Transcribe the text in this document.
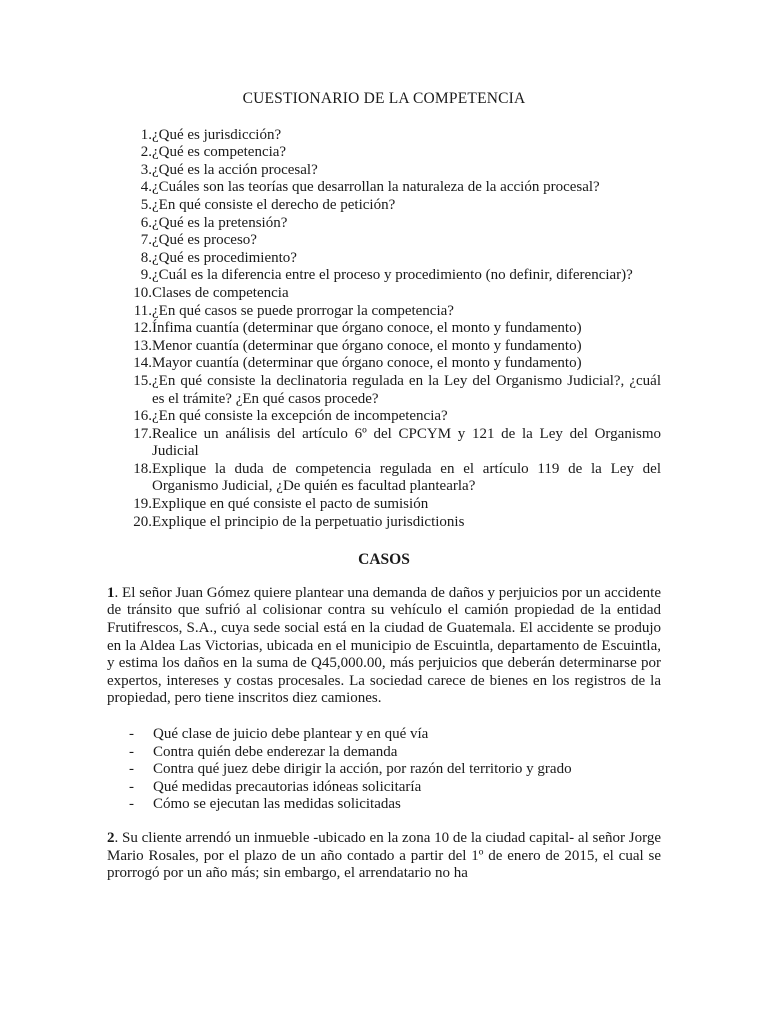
CUESTIONARIO DE LA COMPETENCIA
1. ¿Qué es jurisdicción?
2. ¿Qué es competencia?
3. ¿Qué es la acción procesal?
4. ¿Cuáles son las teorías que desarrollan la naturaleza de la acción procesal?
5. ¿En qué consiste el derecho de petición?
6. ¿Qué es la pretensión?
7. ¿Qué es proceso?
8. ¿Qué es procedimiento?
9. ¿Cuál es la diferencia entre el proceso y procedimiento (no definir, diferenciar)?
10. Clases de competencia
11. ¿En qué casos se puede prorrogar la competencia?
12. Ínfima cuantía (determinar que órgano conoce, el monto y fundamento)
13. Menor cuantía (determinar que órgano conoce, el monto y fundamento)
14. Mayor cuantía (determinar que órgano conoce, el monto y fundamento)
15. ¿En qué consiste la declinatoria regulada en la Ley del Organismo Judicial?, ¿cuál es el trámite? ¿En qué casos procede?
16. ¿En qué consiste la excepción de incompetencia?
17. Realice un análisis del artículo 6º del CPCYM y 121 de la Ley del Organismo Judicial
18. Explique la duda de competencia regulada en el artículo 119 de la Ley del Organismo Judicial, ¿De quién es facultad plantearla?
19. Explique en qué consiste el pacto de sumisión
20. Explique el principio de la perpetuatio jurisdictionis
CASOS

1. El señor Juan Gómez quiere plantear una demanda de daños y perjuicios por un accidente de tránsito que sufrió al colisionar contra su vehículo el camión propiedad de la entidad Frutifrescos, S.A., cuya sede social está en la ciudad de Guatemala. El accidente se produjo en la Aldea Las Victorias, ubicada en el municipio de Escuintla, departamento de Escuintla, y estima los daños en la suma de Q45,000.00, más perjuicios que deberán determinarse por expertos, intereses y costas procesales. La sociedad carece de bienes en los registros de la propiedad, pero tiene inscritos diez camiones.

-	Qué clase de juicio debe plantear y en qué vía
-	Contra quién debe enderezar la demanda
-	Contra qué juez debe dirigir la acción, por razón del territorio y grado
-	Qué medidas precautorias idóneas solicitaría
-	Cómo se ejecutan las medidas solicitadas

2. Su cliente arrendó un inmueble -ubicado en la zona 10 de la ciudad capital- al señor Jorge Mario Rosales, por el plazo de un año contado a partir del 1º de enero de 2015, el cual se prorrogó por un año más; sin embargo, el arrendatario no ha
